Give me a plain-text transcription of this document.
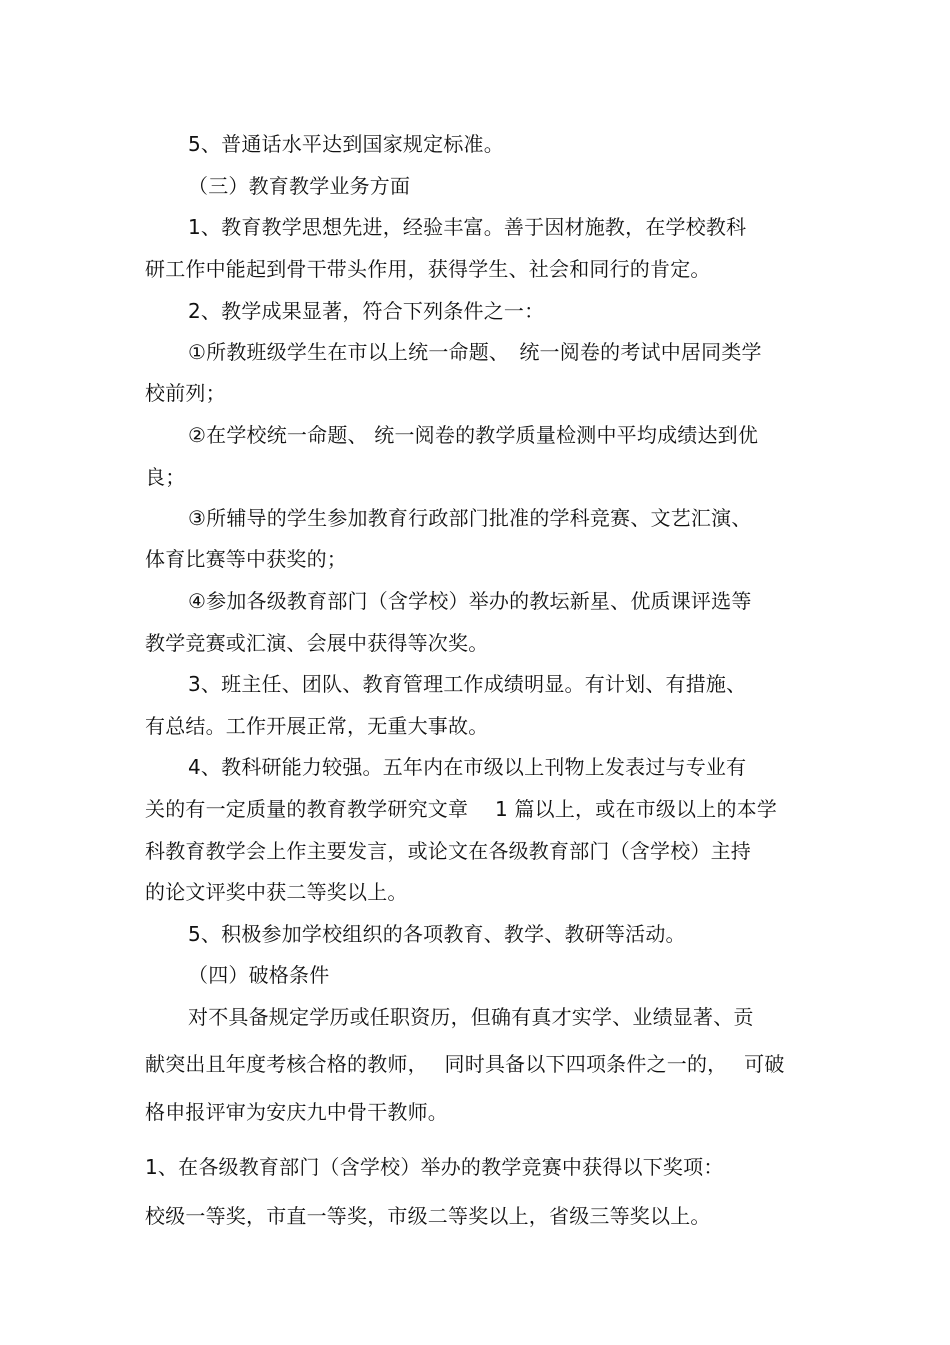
5、普通话水平达到国家规定标准。
（三）教育教学业务方面
1、教育教学思想先进，经验丰富。善于因材施教，在学校教科
研工作中能起到骨干带头作用，获得学生、社会和同行的肯定。
2、教学成果显著，符合下列条件之一：
①所教班级学生在市以上统一命题、　统一阅卷的考试中居同类学
校前列；
②在学校统一命题、 统一阅卷的教学质量检测中平均成绩达到优
良；
③所辅导的学生参加教育行政部门批准的学科竞赛、文艺汇演、
体育比赛等中获奖的；
④参加各级教育部门（含学校）举办的教坛新星、优质课评选等
教学竞赛或汇演、会展中获得等次奖。
3、班主任、团队、教育管理工作成绩明显。有计划、有措施、
有总结。工作开展正常，无重大事故。
4、教科研能力较强。五年内在市级以上刊物上发表过与专业有
关的有一定质量的教育教学研究文章　 1 篇以上，或在市级以上的本学
科教育教学会上作主要发言，或论文在各级教育部门（含学校）主持
的论文评奖中获二等奖以上。
5、积极参加学校组织的各项教育、教学、教研等活动。
（四）破格条件
对不具备规定学历或任职资历，但确有真才实学、业绩显著、贡
献突出且年度考核合格的教师，　 同时具备以下四项条件之一的，　 可破
格申报评审为安庆九中骨干教师。
1、在各级教育部门（含学校）举办的教学竞赛中获得以下奖项：
校级一等奖，市直一等奖，市级二等奖以上，省级三等奖以上。
